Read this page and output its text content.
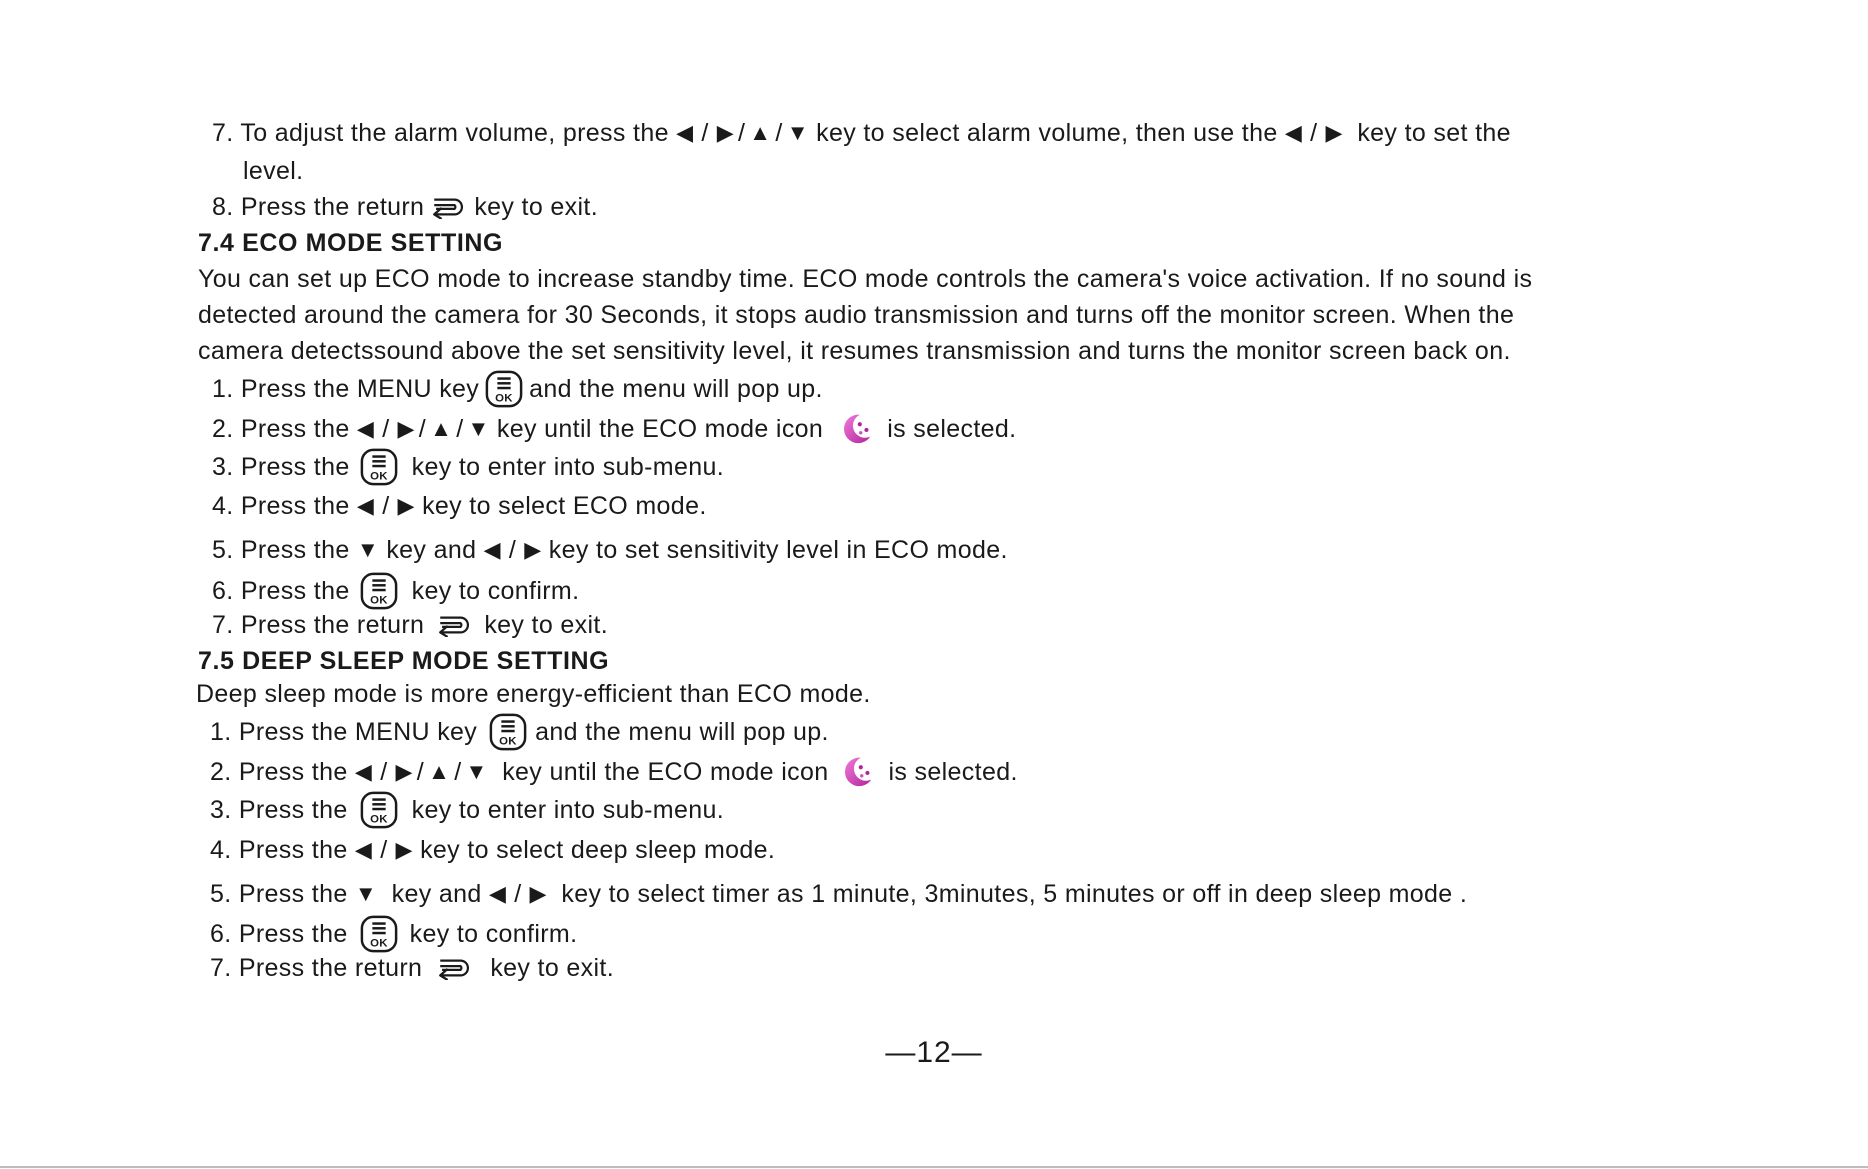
7. To adjust the alarm volume, press the
◀ / ▶ / ▲ / ▼
key to select alarm volume, then use the
◀ / ▶
key to set the
level.
8. Press the return key to exit.
7.4 ECO MODE SETTING
You can set up ECO mode to increase standby time. ECO mode controls the camera's voice activation. If no sound is
detected around the camera for 30 Seconds, it stops audio transmission and turns off the monitor screen. When the
camera detectssound above the set sensitivity level, it resumes transmission and turns the monitor screen back on.
1. Press the MENU key and the menu will pop up.
2. Press the
◀ / ▶ / ▲ / ▼
key until the ECO mode icon	is selected.
3. Press the key to enter into sub-menu.
4. Press the
◀ / ▶
key to select ECO mode.
5. Press the
▼
key and
◀ / ▶
key to set sensitivity level in ECO mode.
6. Press the key to confirm.
7. Press the return key to exit.
7.5 DEEP SLEEP MODE SETTING
Deep sleep mode is more energy-efficient than ECO mode.
1. Press the MENU key and the menu will pop up.
2. Press the
◀ / ▶ / ▲ / ▼
key until the ECO mode icon is selected.
3. Press the	key to enter into sub-menu.
4. Press the
◀ / ▶
key to select deep sleep mode.
5. Press the
▼
key and
◀ / ▶
key to select timer as 1 minute, 3minutes, 5 minutes or off in deep sleep mode .
6. Press the key to confirm.
7. Press the return	key to exit.
—12—
